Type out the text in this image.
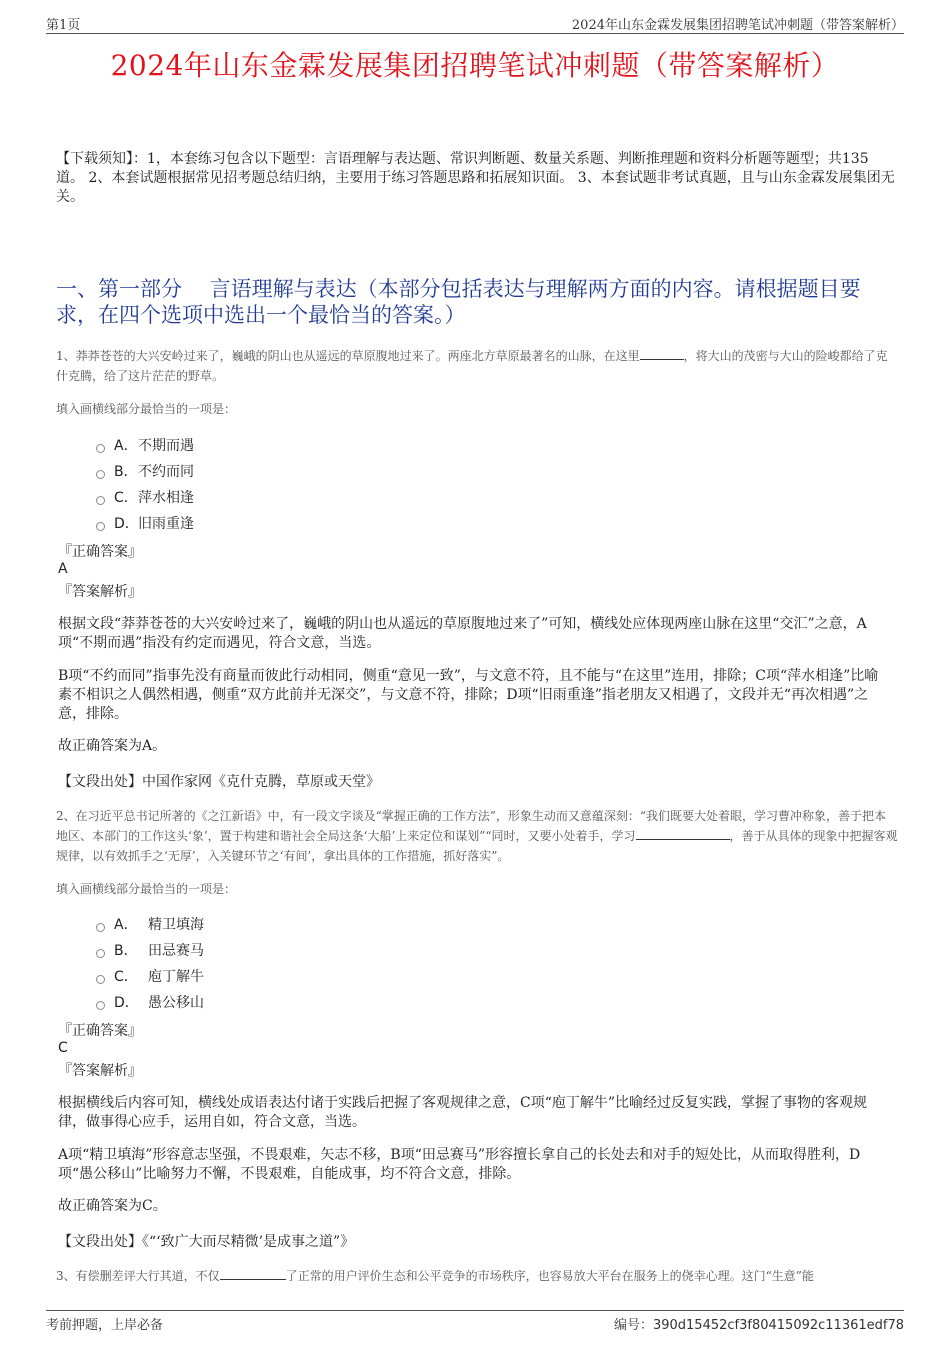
第1页	2024年山东金霖发展集团招聘笔试冲刺题（带答案解析）
2024年山东金霖发展集团招聘笔试冲刺题（带答案解析）
【下载须知】：1，本套练习包含以下题型：言语理解与表达题、常识判断题、数量关系题、判断推理题和资料分析题等题型；共135道。 2、本套试题根据常见招考题总结归纳，主要用于练习答题思路和拓展知识面。 3、本套试题非考试真题，且与山东金霖发展集团无关。
一、第一部分　 言语理解与表达（本部分包括表达与理解两方面的内容。请根据题目要求，在四个选项中选出一个最恰当的答案。）
1、莽莽苍苍的大兴安岭过来了，巍峨的阴山也从遥远的草原腹地过来了。两座北方草原最著名的山脉，在这里	，将大山的茂密与大山的险峻都给了克什克腾，给了这片茫茫的野草。
填入画横线部分最恰当的一项是：
A． 不期而遇
B． 不约而同
C． 萍水相逢
D． 旧雨重逢
『正确答案』
A
『答案解析』
根据文段“莽莽苍苍的大兴安岭过来了，巍峨的阴山也从遥远的草原腹地过来了”可知，横线处应体现两座山脉在这里“交汇”之意，A项“不期而遇”指没有约定而遇见，符合文意，当选。
B项“不约而同”指事先没有商量而彼此行动相同，侧重“意见一致”，与文意不符，且不能与“在这里”连用，排除；C项“萍水相逢”比喻素不相识之人偶然相遇，侧重“双方此前并无深交”，与文意不符，排除；D项“旧雨重逢”指老朋友又相遇了，文段并无“再次相遇”之意，排除。
故正确答案为A。
【文段出处】中国作家网《克什克腾，草原或天堂》
2、在习近平总书记所著的《之江新语》中，有一段文字谈及“掌握正确的工作方法”，形象生动而又意蕴深刻：“我们既要大处着眼，学习曹冲称象，善于把本地区、本部门的工作这头‘象’，置于构建和谐社会全局这条‘大船’上来定位和谋划”“同时，又要小处着手，学习	，善于从具体的现象中把握客观规律，以有效抓手之‘无厚’，入关键环节之‘有间’，拿出具体的工作措施，抓好落实”。
填入画横线部分最恰当的一项是：
A． 精卫填海
B． 田忌赛马
C． 庖丁解牛
D． 愚公移山
『正确答案』
C
『答案解析』
根据横线后内容可知，横线处成语表达付诸于实践后把握了客观规律之意，C项“庖丁解牛”比喻经过反复实践，掌握了事物的客观规律，做事得心应手，运用自如，符合文意，当选。
A项“精卫填海”形容意志坚强，不畏艰难，矢志不移，B项“田忌赛马”形容擅长拿自己的长处去和对手的短处比，从而取得胜利，D项“愚公移山”比喻努力不懈，不畏艰难，自能成事，均不符合文意，排除。
故正确答案为C。
【文段出处】《“‘致广大而尽精微’是成事之道”》
3、有偿删差评大行其道，不仅	了正常的用户评价生态和公平竞争的市场秩序，也容易放大平台在服务上的侥幸心理。这门“生意”能
考前押题，上岸必备	编号：390d15452cf3f80415092c11361edf78
